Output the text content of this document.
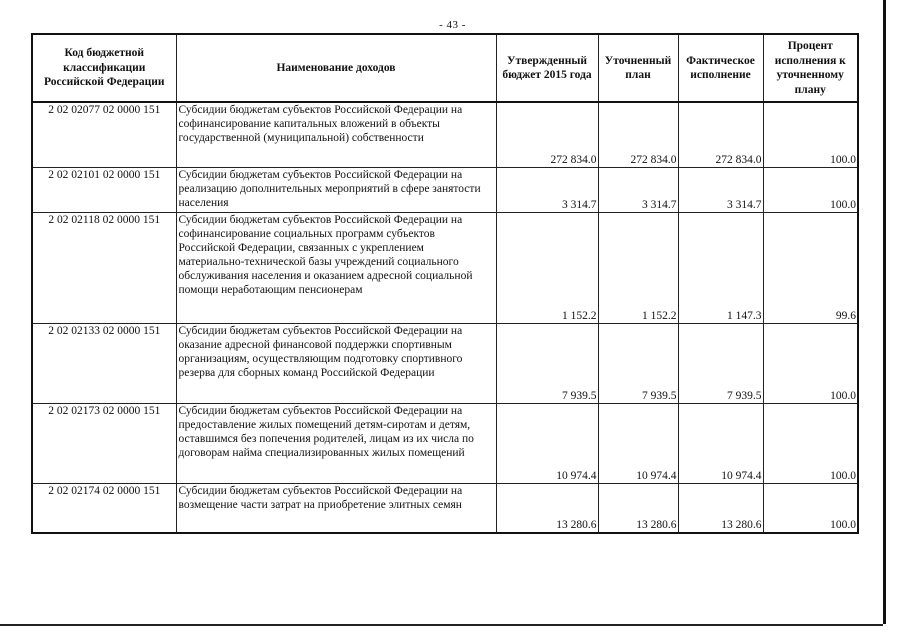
- 43 -
Код бюджетной классификации Российской Федерации	Наименование доходов	Утвержденный бюджет 2015 года	Уточненный план	Фактическое исполнение	Процент исполнения к уточненному плану
2 02 02077 02 0000 151	Субсидии бюджетам субъектов Российской Федерации на софинансирование капитальных вложений в объекты государственной (муниципальной) собственности	272 834.0	272 834.0	272 834.0	100.0
2 02 02101 02 0000 151	Субсидии бюджетам субъектов Российской Федерации на реализацию дополнительных мероприятий в сфере занятости населения	3 314.7	3 314.7	3 314.7	100.0
2 02 02118 02 0000 151	Субсидии бюджетам субъектов Российской Федерации на софинансирование социальных программ субъектов Российской Федерации, связанных с укреплением материально-технической базы учреждений социального обслуживания населения и оказанием адресной социальной помощи неработающим пенсионерам	1 152.2	1 152.2	1 147.3	99.6
2 02 02133 02 0000 151	Субсидии бюджетам субъектов Российской Федерации на оказание адресной финансовой поддержки спортивным организациям, осуществляющим подготовку спортивного резерва для сборных команд Российской Федерации	7 939.5	7 939.5	7 939.5	100.0
2 02 02173 02 0000 151	Субсидии бюджетам субъектов Российской Федерации на предоставление жилых помещений детям-сиротам и детям, оставшимся без попечения родителей, лицам из их числа по договорам найма специализированных жилых помещений	10 974.4	10 974.4	10 974.4	100.0
2 02 02174 02 0000 151	Субсидии бюджетам субъектов Российской Федерации на возмещение части затрат на приобретение элитных семян	13 280.6	13 280.6	13 280.6	100.0
